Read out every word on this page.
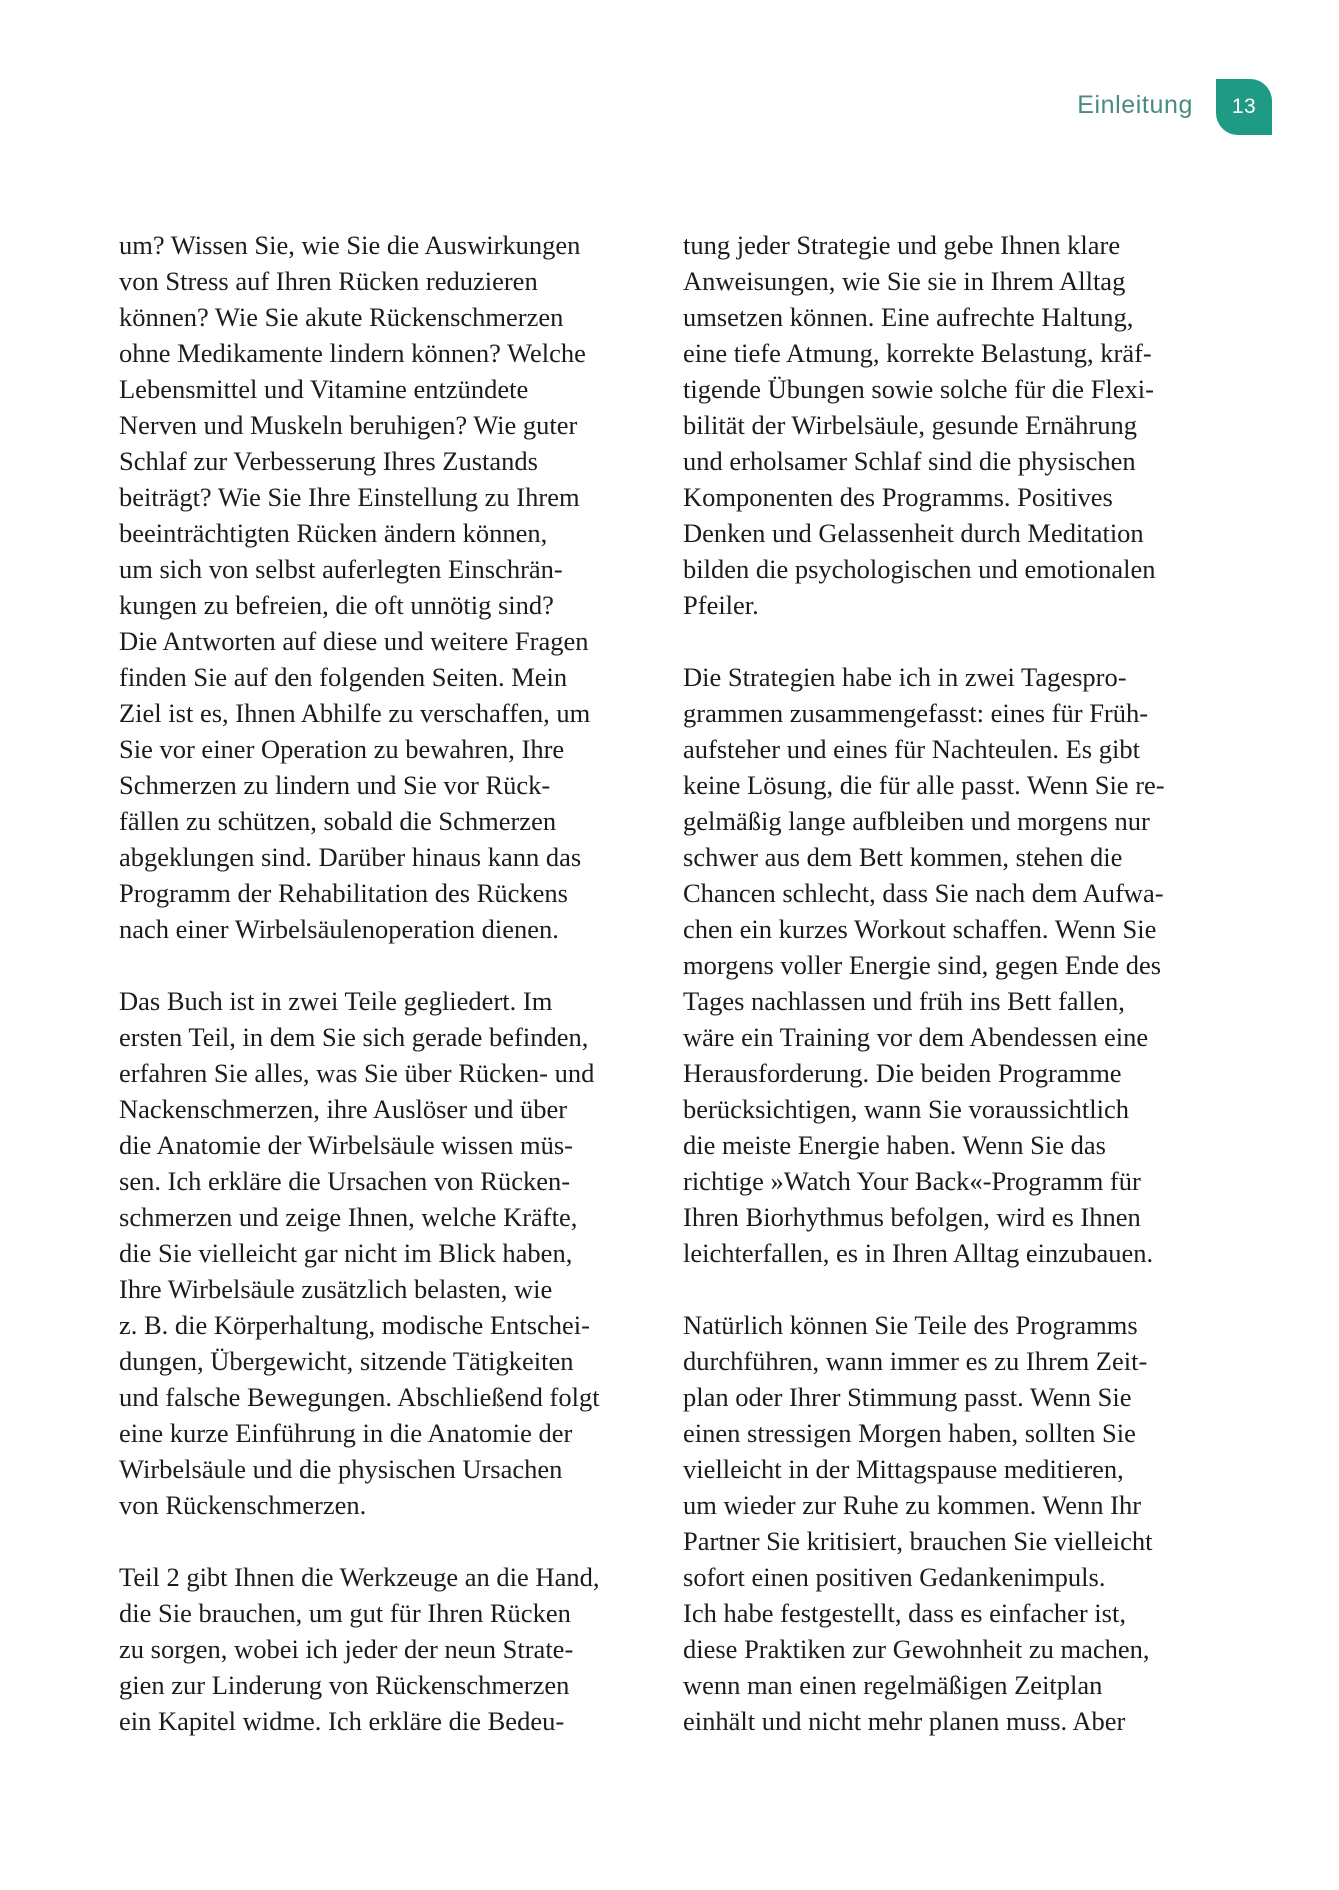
Einleitung	13
um? Wissen Sie, wie Sie die Auswirkungen
von Stress auf Ihren Rücken reduzieren
können? Wie Sie akute Rückenschmerzen
ohne Medikamente lindern können? Welche
Lebensmittel und Vitamine entzündete
Nerven und Muskeln beruhigen? Wie guter
Schlaf zur Verbesserung Ihres Zustands
beiträgt? Wie Sie Ihre Einstellung zu Ihrem
beeinträchtigten Rücken ändern können,
um sich von selbst auferlegten Einschrän-
kungen zu befreien, die oft unnötig sind?
Die Antworten auf diese und weitere Fragen
finden Sie auf den folgenden Seiten. Mein
Ziel ist es, Ihnen Abhilfe zu verschaffen, um
Sie vor einer Operation zu bewahren, Ihre
Schmerzen zu lindern und Sie vor Rück-
fällen zu schützen, sobald die Schmerzen
abgeklungen sind. Darüber hinaus kann das
Programm der Rehabilitation des Rückens
nach einer Wirbelsäulenoperation dienen.
Das Buch ist in zwei Teile gegliedert. Im
ersten Teil, in dem Sie sich gerade befinden,
erfahren Sie alles, was Sie über Rücken- und
Nackenschmerzen, ihre Auslöser und über
die Anatomie der Wirbelsäule wissen müs-
sen. Ich erkläre die Ursachen von Rücken-
schmerzen und zeige Ihnen, welche Kräfte,
die Sie vielleicht gar nicht im Blick haben,
Ihre Wirbelsäule zusätzlich belasten, wie
z. B. die Körperhaltung, modische Entschei-
dungen, Übergewicht, sitzende Tätigkeiten
und falsche Bewegungen. Abschließend folgt
eine kurze Einführung in die Anatomie der
Wirbelsäule und die physischen Ursachen
von Rückenschmerzen.
Teil 2 gibt Ihnen die Werkzeuge an die Hand,
die Sie brauchen, um gut für Ihren Rücken
zu sorgen, wobei ich jeder der neun Strate-
gien zur Linderung von Rückenschmerzen
ein Kapitel widme. Ich erkläre die Bedeu-
tung jeder Strategie und gebe Ihnen klare
Anweisungen, wie Sie sie in Ihrem Alltag
umsetzen können. Eine aufrechte Haltung,
eine tiefe Atmung, korrekte Belastung, kräf-
tigende Übungen sowie solche für die Flexi-
bilität der Wirbelsäule, gesunde Ernährung
und erholsamer Schlaf sind die physischen
Komponenten des Programms. Positives
Denken und Gelassenheit durch Meditation
bilden die psychologischen und emotionalen
Pfeiler.
Die Strategien habe ich in zwei Tagespro-
grammen zusammengefasst: eines für Früh-
aufsteher und eines für Nachteulen. Es gibt
keine Lösung, die für alle passt. Wenn Sie re-
gelmäßig lange aufbleiben und morgens nur
schwer aus dem Bett kommen, stehen die
Chancen schlecht, dass Sie nach dem Aufwa-
chen ein kurzes Workout schaffen. Wenn Sie
morgens voller Energie sind, gegen Ende des
Tages nachlassen und früh ins Bett fallen,
wäre ein Training vor dem Abendessen eine
Herausforderung. Die beiden Programme
berücksichtigen, wann Sie voraussichtlich
die meiste Energie haben. Wenn Sie das
richtige »Watch Your Back«-Programm für
Ihren Biorhythmus befolgen, wird es Ihnen
leichterfallen, es in Ihren Alltag einzubauen.
Natürlich können Sie Teile des Programms
durchführen, wann immer es zu Ihrem Zeit-
plan oder Ihrer Stimmung passt. Wenn Sie
einen stressigen Morgen haben, sollten Sie
vielleicht in der Mittagspause meditieren,
um wieder zur Ruhe zu kommen. Wenn Ihr
Partner Sie kritisiert, brauchen Sie vielleicht
sofort einen positiven Gedankenimpuls.
Ich habe festgestellt, dass es einfacher ist,
diese Praktiken zur Gewohnheit zu machen,
wenn man einen regelmäßigen Zeitplan
einhält und nicht mehr planen muss. Aber
